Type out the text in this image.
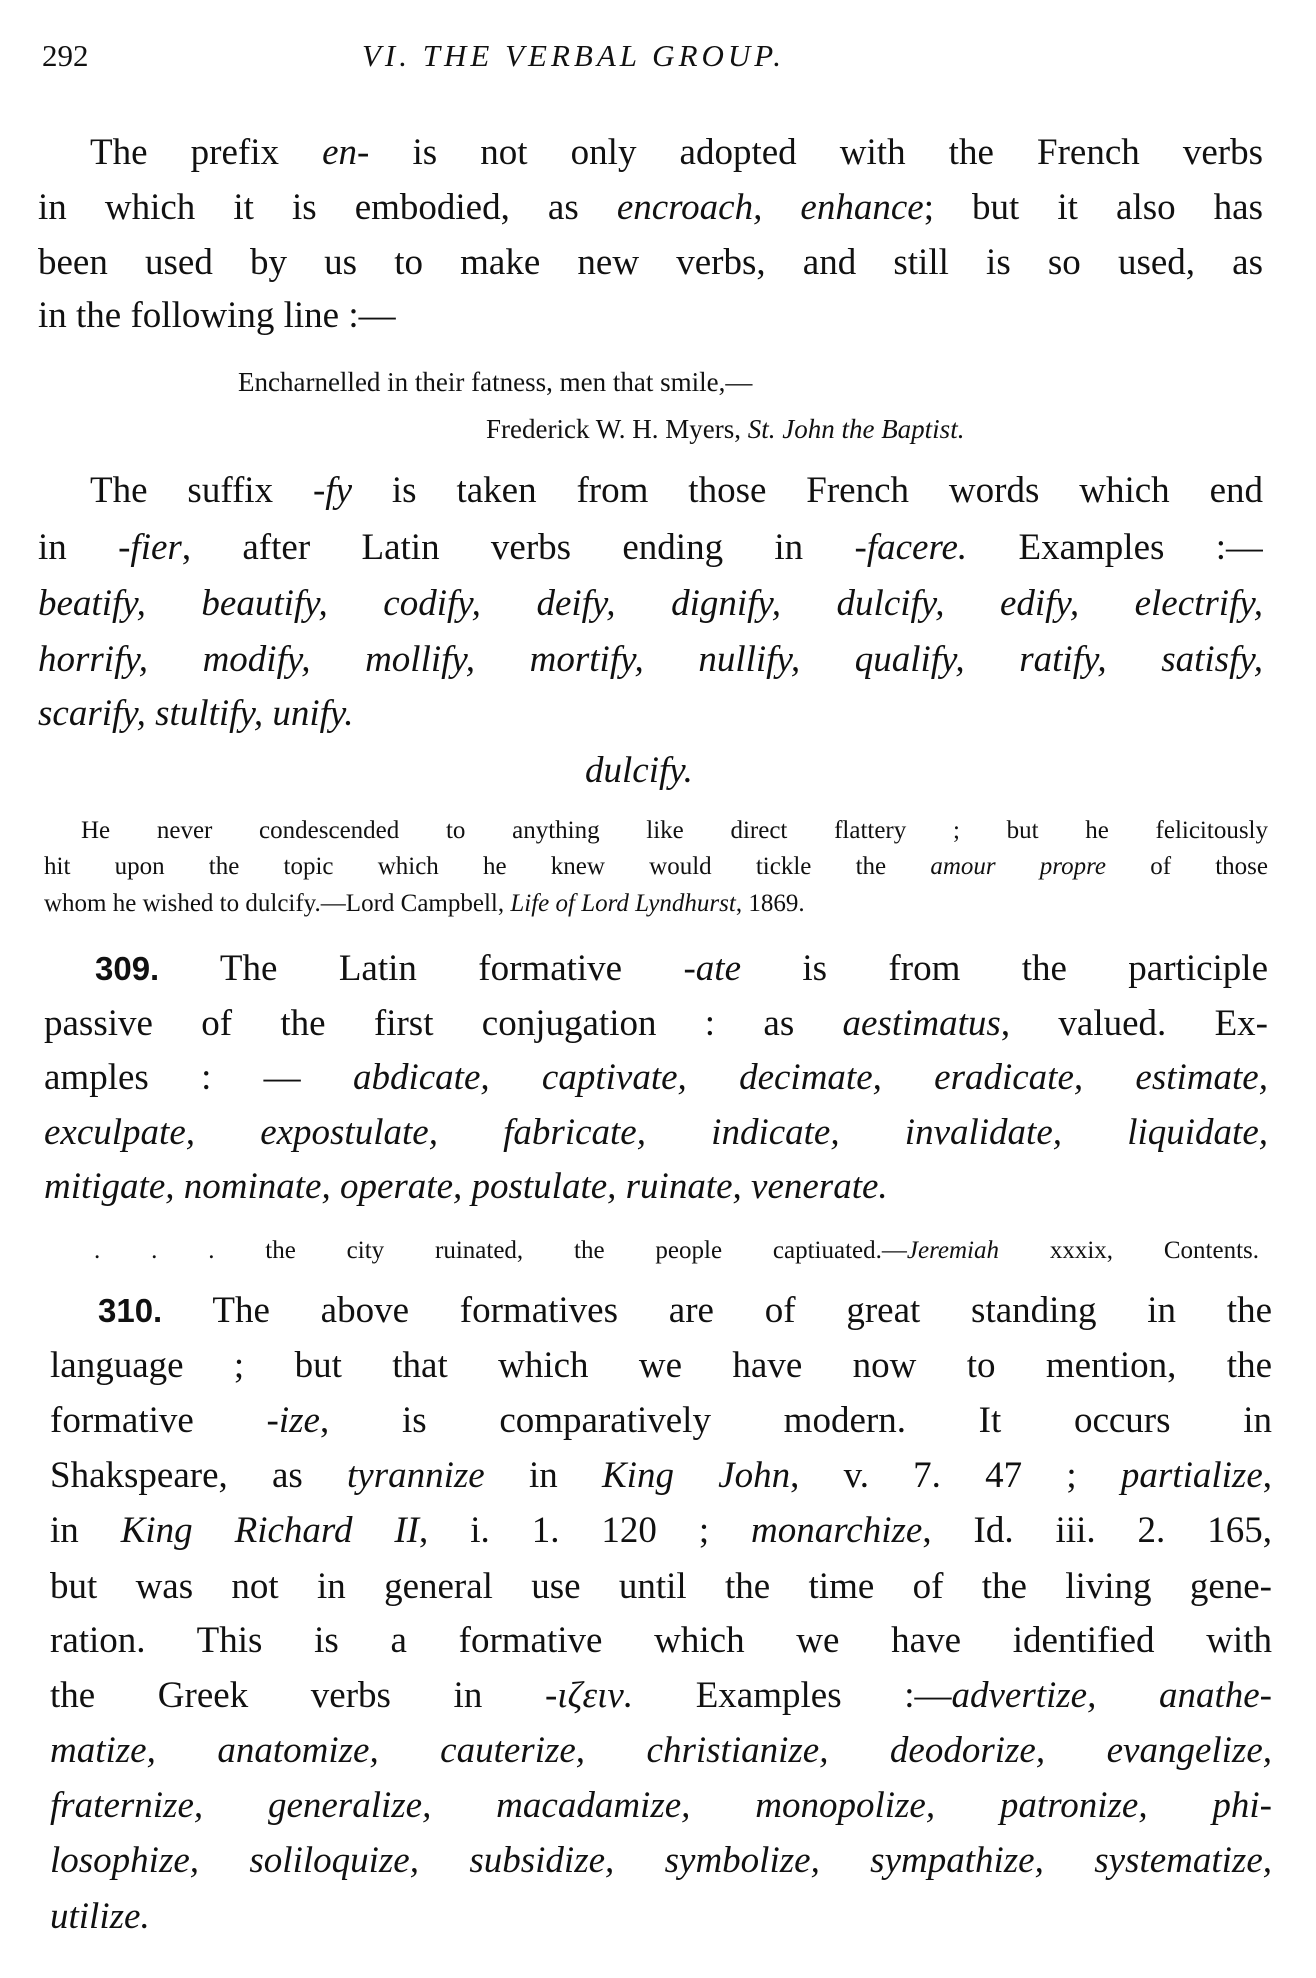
292	VI. THE VERBAL GROUP.
The prefix en- is not only adopted with the French verbs
in which it is embodied, as encroach, enhance; but it also has
been used by us to make new verbs, and still is so used, as
in the following line :—
Encharnelled in their fatness, men that smile,—
Frederick W. H. Myers, St. John the Baptist.
The suffix -fy is taken from those French words which end
in -fier, after Latin verbs ending in -facere. Examples :—
beatify, beautify, codify, deify, dignify, dulcify, edify, electrify,
horrify, modify, mollify, mortify, nullify, qualify, ratify, satisfy,
scarify, stultify, unify.
dulcify.
He never condescended to anything like direct flattery ; but he felicitously
hit upon the topic which he knew would tickle the amour propre of those
whom he wished to dulcify.—Lord Campbell, Life of Lord Lyndhurst, 1869.
309. The Latin formative -ate is from the participle
passive of the first conjugation : as aestimatus, valued. Ex-
amples : — abdicate, captivate, decimate, eradicate, estimate,
exculpate, expostulate, fabricate, indicate, invalidate, liquidate,
mitigate, nominate, operate, postulate, ruinate, venerate.
. . . the city ruinated, the people captiuated.—Jeremiah xxxix, Contents.
310. The above formatives are of great standing in the
language ; but that which we have now to mention, the
formative -ize, is comparatively modern. It occurs in
Shakspeare, as tyrannize in King John, v. 7. 47 ; partialize,
in King Richard II, i. 1. 120 ; monarchize, Id. iii. 2. 165,
but was not in general use until the time of the living gene-
ration. This is a formative which we have identified with
the Greek verbs in -ιζειν. Examples :—advertize, anathe-
matize, anatomize, cauterize, christianize, deodorize, evangelize,
fraternize, generalize, macadamize, monopolize, patronize, phi-
losophize, soliloquize, subsidize, symbolize, sympathize, systematize,
utilize.
